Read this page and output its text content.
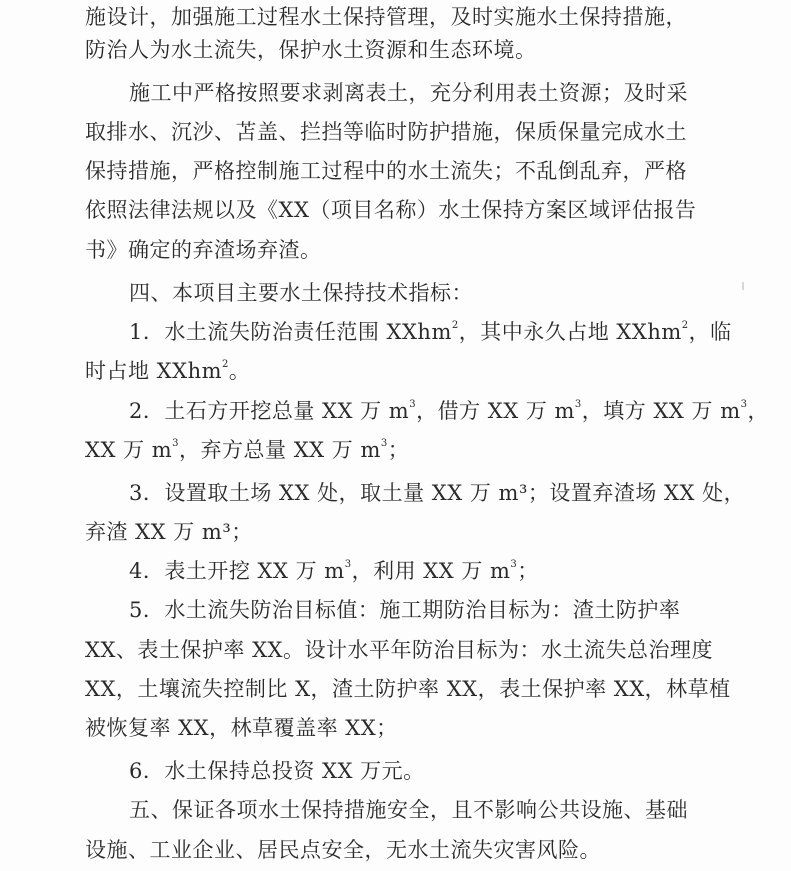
施设计，加强施工过程水土保持管理，及时实施水土保持措施，
防治人为水土流失，保护水土资源和生态环境。
施工中严格按照要求剥离表土，充分利用表土资源；及时采
取排水、沉沙、苫盖、拦挡等临时防护措施，保质保量完成水土
保持措施，严格控制施工过程中的水土流失；不乱倒乱弃，严格
依照法律法规以及《XX（项目名称）水土保持方案区域评估报告
书》确定的弃渣场弃渣。
四、本项目主要水土保持技术指标：
1．水土流失防治责任范围 XXhm$^2$，其中永久占地 XXhm$^2$，临
时占地 XXhm$^2$。
2．土石方开挖总量 XX 万 $m^3$，借方 XX 万 $m^3$，填方 XX 万 $m^3$，
XX 万 $m^3$，弃方总量 XX 万 $m^3$；
3．设置取土场 XX 处，取土量 XX 万 m³；设置弃渣场 XX 处，
弃渣 XX 万 m³；
4．表土开挖 XX 万 $m^3$，利用 XX 万 $m^3$；
5．水土流失防治目标值：施工期防治目标为：渣土防护率
XX、表土保护率 XX。设计水平年防治目标为：水土流失总治理度
XX，土壤流失控制比 X，渣土防护率 XX，表土保护率 XX，林草植
被恢复率 XX，林草覆盖率 XX；
6．水土保持总投资 XX 万元。
五、保证各项水土保持措施安全，且不影响公共设施、基础
设施、工业企业、居民点安全，无水土流失灾害风险。
